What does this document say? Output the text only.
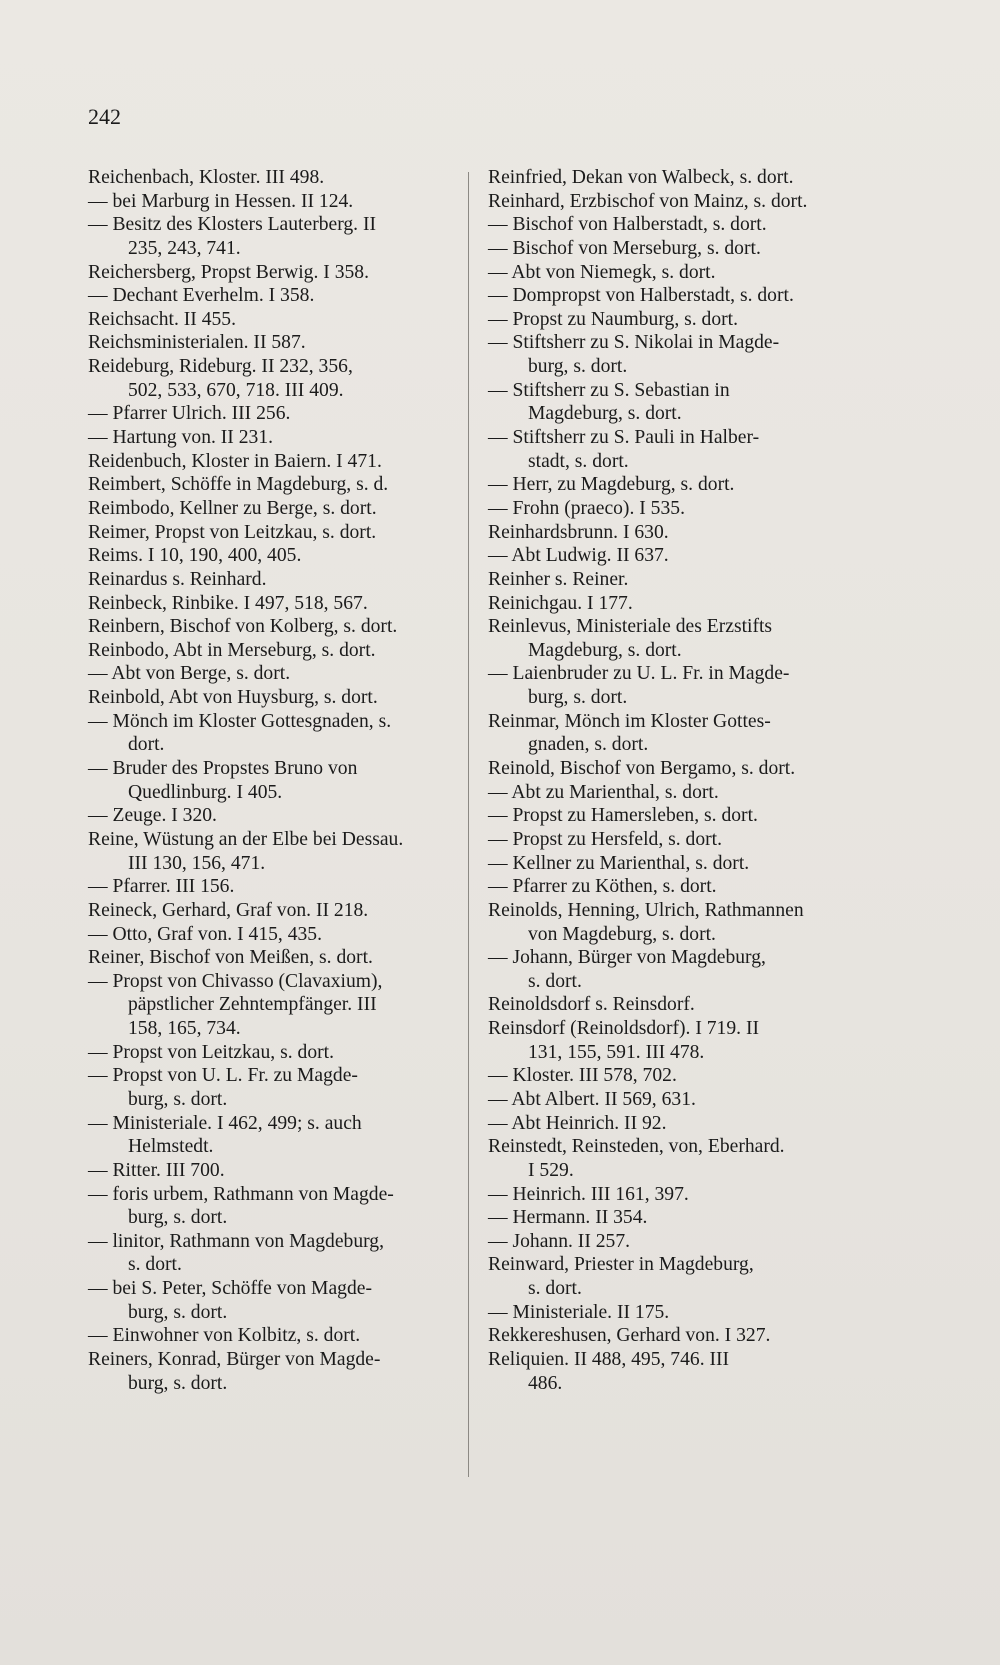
242
Reichenbach, Kloster. III 498.
— bei Marburg in Hessen. II 124.
— Besitz des Klosters Lauterberg. II
235, 243, 741.
Reichersberg, Propst Berwig. I 358.
— Dechant Everhelm. I 358.
Reichsacht. II 455.
Reichsministerialen. II 587.
Reideburg, Rideburg. II 232, 356,
502, 533, 670, 718. III 409.
— Pfarrer Ulrich. III 256.
— Hartung von. II 231.
Reidenbuch, Kloster in Baiern. I 471.
Reimbert, Schöffe in Magdeburg, s. d.
Reimbodo, Kellner zu Berge, s. dort.
Reimer, Propst von Leitzkau, s. dort.
Reims. I 10, 190, 400, 405.
Reinardus s. Reinhard.
Reinbeck, Rinbike. I 497, 518, 567.
Reinbern, Bischof von Kolberg, s. dort.
Reinbodo, Abt in Merseburg, s. dort.
— Abt von Berge, s. dort.
Reinbold, Abt von Huysburg, s. dort.
— Mönch im Kloster Gottesgnaden, s.
dort.
— Bruder des Propstes Bruno von
Quedlinburg. I 405.
— Zeuge. I 320.
Reine, Wüstung an der Elbe bei Dessau.
III 130, 156, 471.
— Pfarrer. III 156.
Reineck, Gerhard, Graf von. II 218.
— Otto, Graf von. I 415, 435.
Reiner, Bischof von Meißen, s. dort.
— Propst von Chivasso (Clavaxium),
päpstlicher Zehntempfänger. III
158, 165, 734.
— Propst von Leitzkau, s. dort.
— Propst von U. L. Fr. zu Magde-
burg, s. dort.
— Ministeriale. I 462, 499; s. auch
Helmstedt.
— Ritter. III 700.
— foris urbem, Rathmann von Magde-
burg, s. dort.
— linitor, Rathmann von Magdeburg,
s. dort.
— bei S. Peter, Schöffe von Magde-
burg, s. dort.
— Einwohner von Kolbitz, s. dort.
Reiners, Konrad, Bürger von Magde-
burg, s. dort.
Reinfried, Dekan von Walbeck, s. dort.
Reinhard, Erzbischof von Mainz, s. dort.
— Bischof von Halberstadt, s. dort.
— Bischof von Merseburg, s. dort.
— Abt von Niemegk, s. dort.
— Dompropst von Halberstadt, s. dort.
— Propst zu Naumburg, s. dort.
— Stiftsherr zu S. Nikolai in Magde-
burg, s. dort.
— Stiftsherr zu S. Sebastian in
Magdeburg, s. dort.
— Stiftsherr zu S. Pauli in Halber-
stadt, s. dort.
— Herr, zu Magdeburg, s. dort.
— Frohn (praeco). I 535.
Reinhardsbrunn. I 630.
— Abt Ludwig. II 637.
Reinher s. Reiner.
Reinichgau. I 177.
Reinlevus, Ministeriale des Erzstifts
Magdeburg, s. dort.
— Laienbruder zu U. L. Fr. in Magde-
burg, s. dort.
Reinmar, Mönch im Kloster Gottes-
gnaden, s. dort.
Reinold, Bischof von Bergamo, s. dort.
— Abt zu Marienthal, s. dort.
— Propst zu Hamersleben, s. dort.
— Propst zu Hersfeld, s. dort.
— Kellner zu Marienthal, s. dort.
— Pfarrer zu Köthen, s. dort.
Reinolds, Henning, Ulrich, Rathmannen
von Magdeburg, s. dort.
— Johann, Bürger von Magdeburg,
s. dort.
Reinoldsdorf s. Reinsdorf.
Reinsdorf (Reinoldsdorf). I 719. II
131, 155, 591. III 478.
— Kloster. III 578, 702.
— Abt Albert. II 569, 631.
— Abt Heinrich. II 92.
Reinstedt, Reinsteden, von, Eberhard.
I 529.
— Heinrich. III 161, 397.
— Hermann. II 354.
— Johann. II 257.
Reinward, Priester in Magdeburg,
s. dort.
— Ministeriale. II 175.
Rekkereshusen, Gerhard von. I 327.
Reliquien. II 488, 495, 746. III
486.
